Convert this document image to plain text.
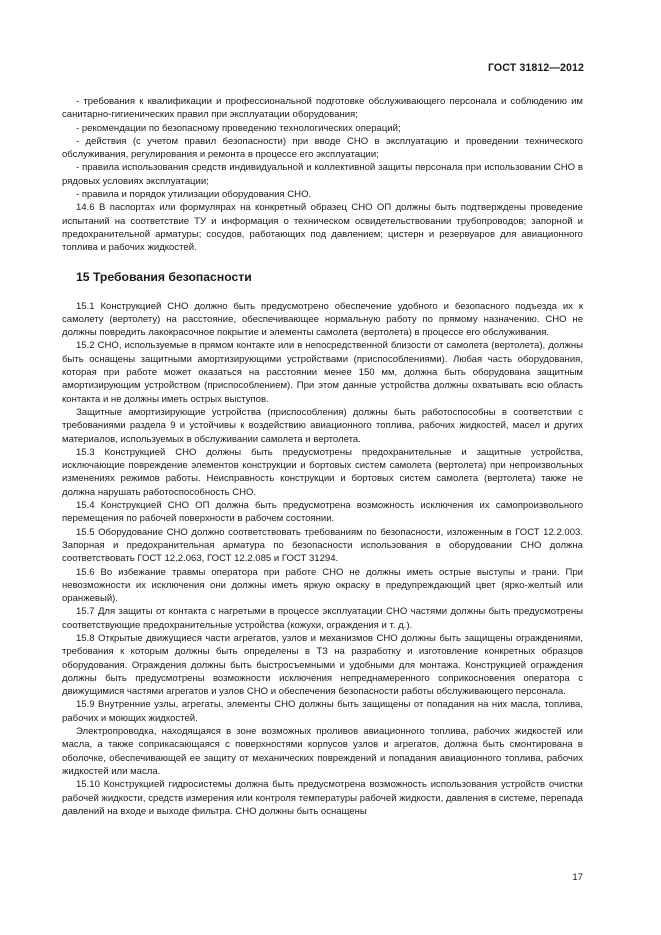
ГОСТ 31812—2012

- требования к квалификации и профессиональной подготовке обслуживающего персонала и соблюдению им санитарно-гигиенических правил при эксплуатации оборудования;

- рекомендации по безопасному проведению технологических операций;

- действия (с учетом правил безопасности) при вводе СНО в эксплуатацию и проведении технического обслуживания, регулирования и ремонта в процессе его эксплуатации;

- правила использования средств индивидуальной и коллективной защиты персонала при использовании СНО в рядовых условиях эксплуатации;

- правила и порядок утилизации оборудования СНО.

14.6 В паспортах или формулярах на конкретный образец СНО ОП должны быть подтверждены проведение испытаний на соответствие ТУ и информация о техническом освидетельствовании трубопроводов; запорной и предохранительной арматуры; сосудов, работающих под давлением; цистерн и резервуаров для авиационного топлива и рабочих жидкостей.

15 Требования безопасности

15.1 Конструкцией СНО должно быть предусмотрено обеспечение удобного и безопасного подъезда их к самолету (вертолету) на расстояние, обеспечивающее нормальную работу по прямому назначению. СНО не должны повредить лакокрасочное покрытие и элементы самолета (вертолета) в процессе его обслуживания.

15.2 СНО, используемые в прямом контакте или в непосредственной близости от самолета (вертолета), должны быть оснащены защитными амортизирующими устройствами (приспособлениями). Любая часть оборудования, которая при работе может оказаться на расстоянии менее 150 мм, должна быть оборудована защитным амортизирующим устройством (приспособлением). При этом данные устройства должны охватывать всю область контакта и не должны иметь острых выступов.

Защитные амортизирующие устройства (приспособления) должны быть работоспособны в соответствии с требованиями раздела 9 и устойчивы к воздействию авиационного топлива, рабочих жидкостей, масел и других материалов, используемых в обслуживании самолета и вертолета.

15.3 Конструкцией СНО должны быть предусмотрены предохранительные и защитные устройства, исключающие повреждение элементов конструкции и бортовых систем самолета (вертолета) при непроизвольных изменениях режимов работы. Неисправность конструкции и бортовых систем самолета (вертолета) также не должна нарушать работоспособность СНО.

15.4 Конструкцией СНО ОП должна быть предусмотрена возможность исключения их самопроизвольного перемещения по рабочей поверхности в рабочем состоянии.

15.5 Оборудование СНО должно соответствовать требованиям по безопасности, изложенным в ГОСТ 12.2.003. Запорная и предохранительная арматура по безопасности использования в оборудовании СНО должна соответствовать ГОСТ 12.2.063, ГОСТ 12.2.085 и ГОСТ 31294.

15.6 Во избежание травмы оператора при работе СНО не должны иметь острые выступы и грани. При невозможности их исключения они должны иметь яркую окраску в предупреждающий цвет (ярко-желтый или оранжевый).

15.7 Для защиты от контакта с нагретыми в процессе эксплуатации СНО частями должны быть предусмотрены соответствующие предохранительные устройства (кожухи, ограждения и т. д.).

15.8 Открытые движущиеся части агрегатов, узлов и механизмов СНО должны быть защищены ограждениями, требования к которым должны быть определены в ТЗ на разработку и изготовление конкретных образцов оборудования. Ограждения должны быть быстросъемными и удобными для монтажа. Конструкцией ограждения должны быть предусмотрены возможности исключения непреднамеренного соприкосновения оператора с движущимися частями агрегатов и узлов СНО и обеспечения безопасности работы обслуживающего персонала.

15.9 Внутренние узлы, агрегаты, элементы СНО должны быть защищены от попадания на них масла, топлива, рабочих и моющих жидкостей.

Электропроводка, находящаяся в зоне возможных проливов авиационного топлива, рабочих жидкостей или масла, а также соприкасающаяся с поверхностями корпусов узлов и агрегатов, должна быть смонтирована в оболочке, обеспечивающей ее защиту от механических повреждений и попадания авиационного топлива, рабочих жидкостей или масла.

15.10 Конструкцией гидросистемы должна быть предусмотрена возможность использования устройств очистки рабочей жидкости, средств измерения или контроля температуры рабочей жидкости, давления в системе, перепада давлений на входе и выходе фильтра. СНО должны быть оснащены

17
